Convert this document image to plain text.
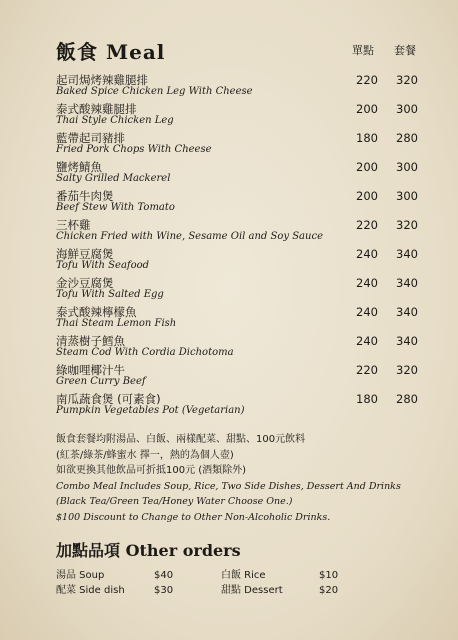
飯食 Meal	單點 套餐
起司焗烤辣雞腿排
Baked Spice Chicken Leg With Cheese
220 320
泰式酸辣雞腿排
Thai Style Chicken Leg
200 300
藍帶起司豬排
Fried Pork Chops With Cheese
180 280
鹽烤鯖魚
Salty Grilled Mackerel
200 300
番茄牛肉煲
Beef Stew With Tomato
200 300
三杯雞
Chicken Fried with Wine, Sesame Oil and Soy Sauce
220 320
海鮮豆腐煲
Tofu With Seafood
240 340
金沙豆腐煲
Tofu With Salted Egg
240 340
泰式酸辣檸檬魚
Thai Steam Lemon Fish
240 340
清蒸樹子鱈魚
Steam Cod With Cordia Dichotoma
240 340
綠咖哩椰汁牛
Green Curry Beef
220 320
南瓜蔬食煲 (可素食)
Pumpkin Vegetables Pot (Vegetarian)
180 280
飯食套餐均附湯品、白飯、兩樣配菜、甜點、100元飲料
(紅茶/綠茶/蜂蜜水 擇一，熱的為個人壺)
如欲更換其他飲品可折抵100元 (酒類除外)
Combo Meal Includes Soup, Rice, Two Side Dishes, Dessert And Drinks
(Black Tea/Green Tea/Honey Water Choose One.)
$100 Discount to Change to Other Non-Alcoholic Drinks.
加點品項 Other orders
湯品 Soup	$40	白飯 Rice	$10
配菜 Side dish	$30	甜點 Dessert	$20
